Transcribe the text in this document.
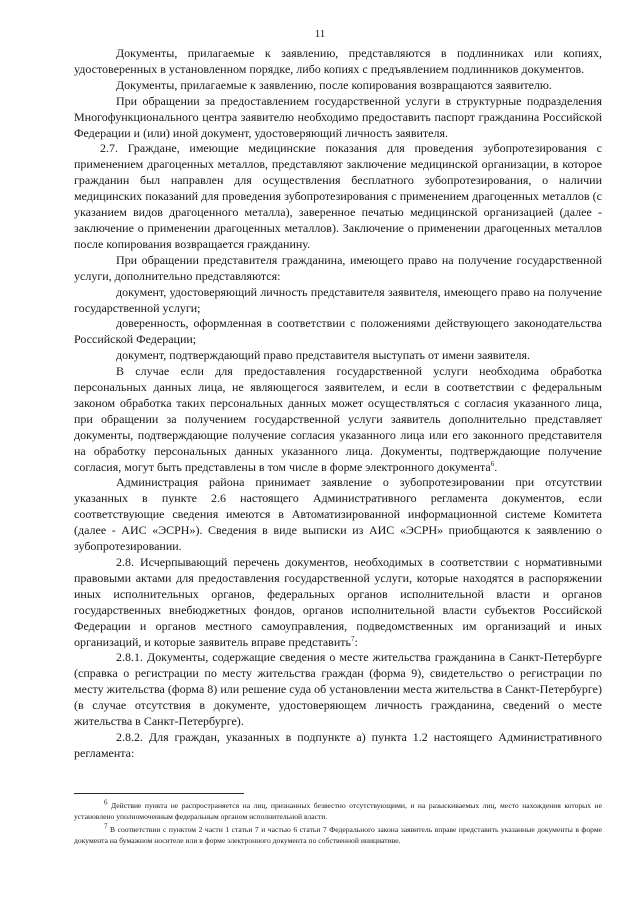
11

Документы, прилагаемые к заявлению, представляются в подлинниках или копиях, удостоверенных в установленном порядке, либо копиях с предъявлением подлинников документов.

Документы, прилагаемые к заявлению, после копирования возвращаются заявителю.

При обращении за предоставлением государственной услуги в структурные подразделения Многофункционального центра заявителю необходимо предоставить паспорт гражданина Российской Федерации и (или) иной документ, удостоверяющий личность заявителя.

2.7. Граждане, имеющие медицинские показания для проведения зубопротезирования с применением драгоценных металлов, представляют заключение медицинской организации, в которое гражданин был направлен для осуществления бесплатного зубопротезирования, о наличии медицинских показаний для проведения зубопротезирования с применением драгоценных металлов (с указанием видов драгоценного металла), заверенное печатью медицинской организацией (далее - заключение о применении драгоценных металлов). Заключение о применении драгоценных металлов после копирования возвращается гражданину.

При обращении представителя гражданина, имеющего право на получение государственной услуги, дополнительно представляются:

документ, удостоверяющий личность представителя заявителя, имеющего право на получение государственной услуги;

доверенность, оформленная в соответствии с положениями действующего законодательства Российской Федерации;

документ, подтверждающий право представителя выступать от имени заявителя.

В случае если для предоставления государственной услуги необходима обработка персональных данных лица, не являющегося заявителем, и если в соответствии с федеральным законом обработка таких персональных данных может осуществляться с согласия указанного лица, при обращении за получением государственной услуги заявитель дополнительно представляет документы, подтверждающие получение согласия указанного лица или его законного представителя на обработку персональных данных указанного лица. Документы, подтверждающие получение согласия, могут быть представлены в том числе в форме электронного документа$^6$.

Администрация района принимает заявление о зубопротезировании при отсутствии указанных в пункте 2.6 настоящего Административного регламента документов, если соответствующие сведения имеются в Автоматизированной информационной системе Комитета (далее - АИС «ЭСРН»). Сведения в виде выписки из АИС «ЭСРН» приобщаются к заявлению о зубопротезировании.

2.8. Исчерпывающий перечень документов, необходимых в соответствии с нормативными правовыми актами для предоставления государственной услуги, которые находятся в распоряжении иных исполнительных органов, федеральных органов исполнительной власти и органов государственных внебюджетных фондов, органов исполнительной власти субъектов Российской Федерации и органов местного самоуправления, подведомственных им организаций и иных организаций, и которые заявитель вправе представить$^7$:

2.8.1. Документы, содержащие сведения о месте жительства гражданина в Санкт-Петербурге (справка о регистрации по месту жительства граждан (форма 9), свидетельство о регистрации по месту жительства (форма 8) или решение суда об установлении места жительства в Санкт-Петербурге) (в случае отсутствия в документе, удостоверяющем личность гражданина, сведений о месте жительства в Санкт-Петербурге).

2.8.2. Для граждан, указанных в подпункте а) пункта 1.2 настоящего Административного регламента:

$^6$ Действие пункта не распространяется на лиц, признанных безвестно отсутствующими, и на разыскиваемых лиц, место нахождения которых не установлено уполномоченным федеральным органом исполнительной власти.

$^7$ В соответствии с пунктом 2 части 1 статьи 7 и частью 6 статьи 7 Федерального закона заявитель вправе представить указанные документы в форме документа на бумажном носителе или в форме электронного документа по собственной инициативе.
